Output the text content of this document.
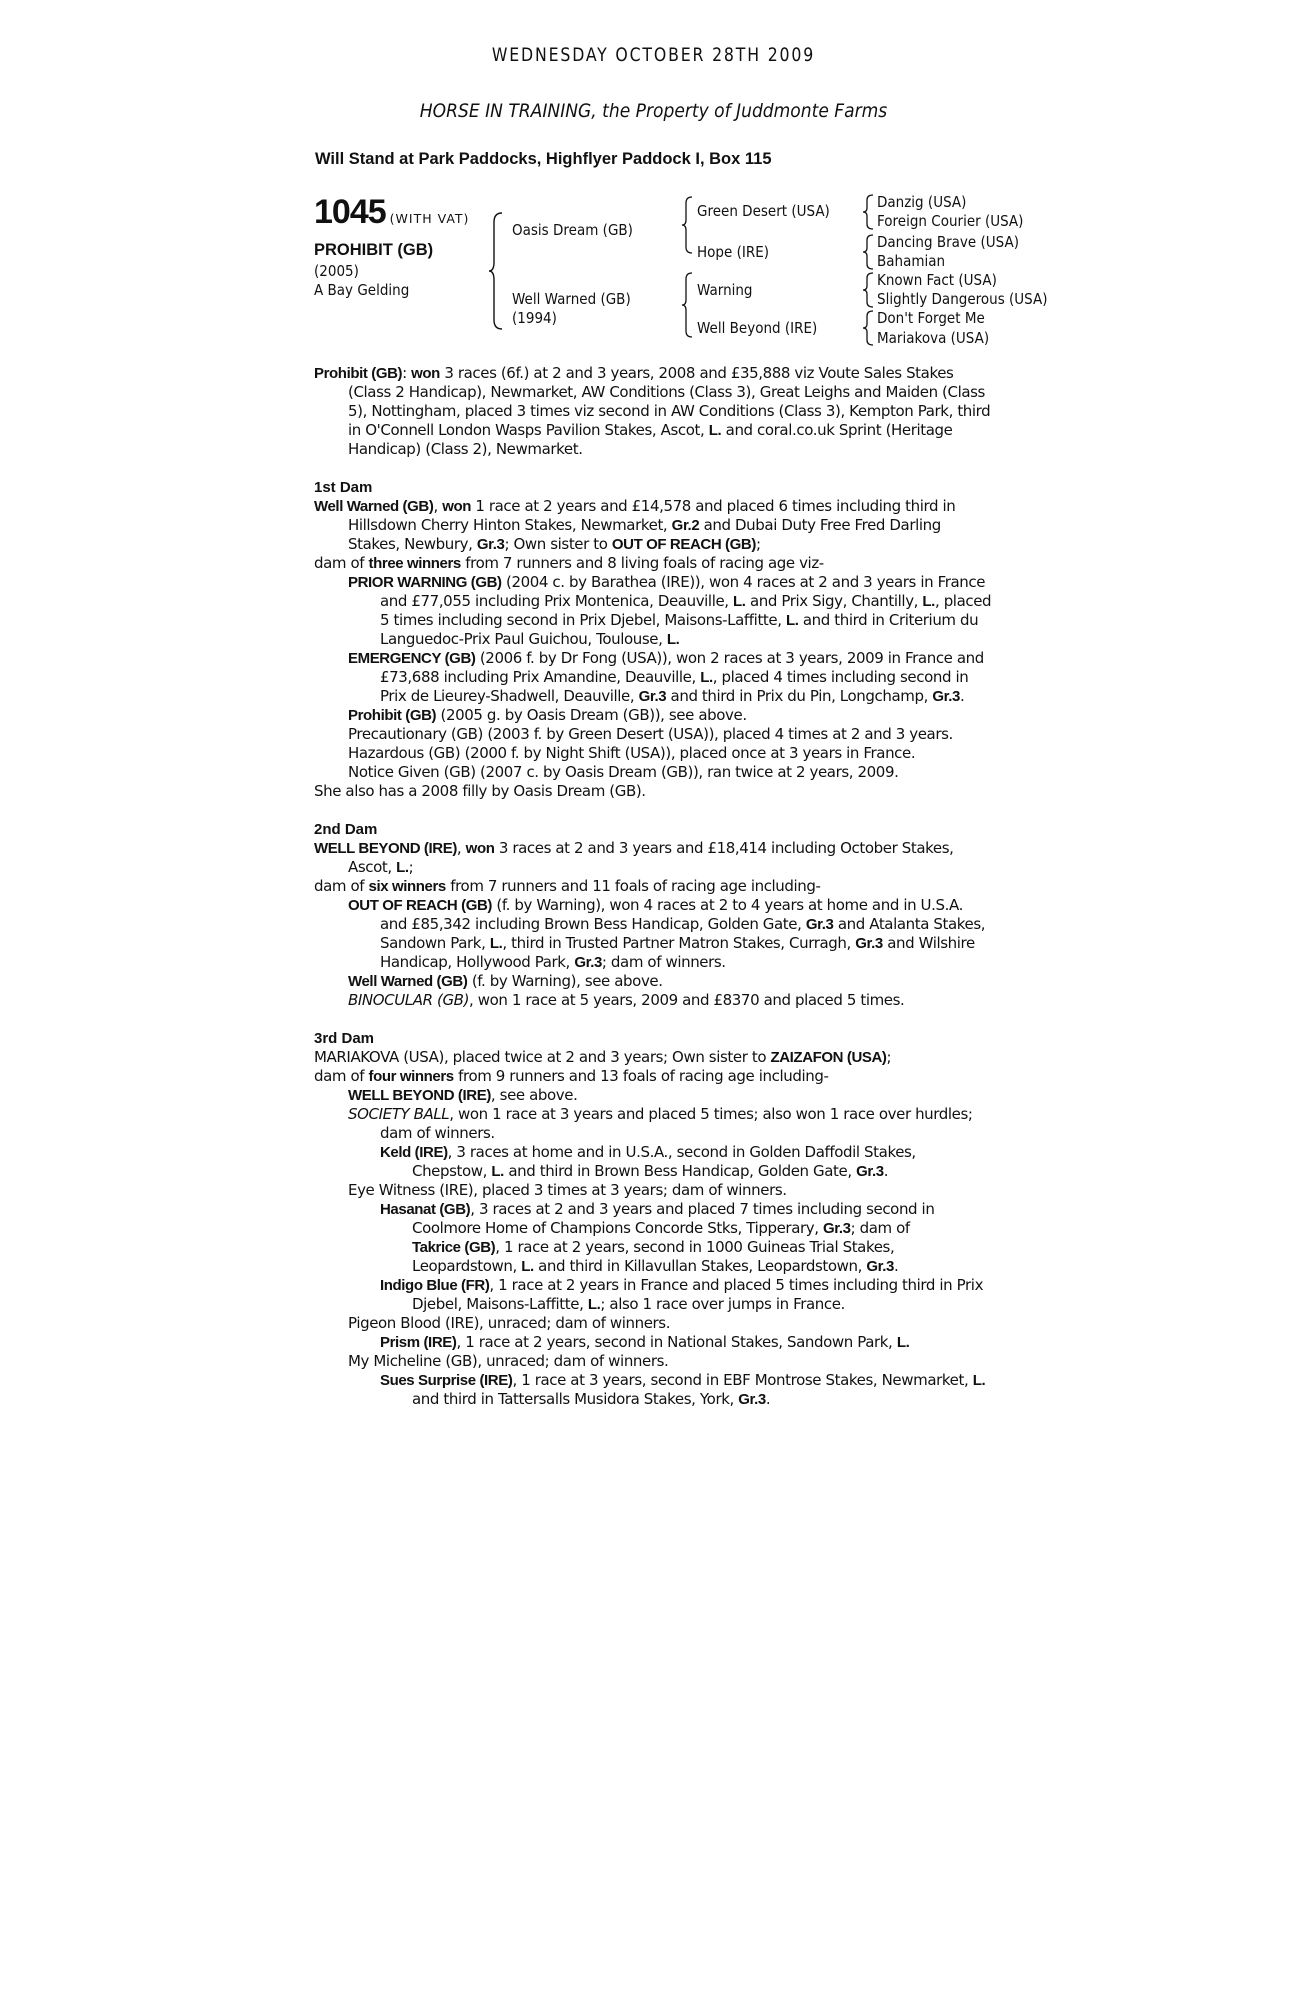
WEDNESDAY OCTOBER 28TH 2009
HORSE IN TRAINING, the Property of Juddmonte Farms
Will Stand at Park Paddocks, Highflyer Paddock I, Box 115
1045 (WITH VAT)
PROHIBIT (GB)
(2005)
A Bay Gelding
Oasis Dream (GB)
Well Warned (GB)
(1994)
Green Desert (USA)
Hope (IRE)
Warning
Well Beyond (IRE)
Danzig (USA)
Foreign Courier (USA)
Dancing Brave (USA)
Bahamian
Known Fact (USA)
Slightly Dangerous (USA)
Don't Forget Me
Mariakova (USA)

Prohibit (GB): won 3 races (6f.) at 2 and 3 years, 2008 and £35,888 viz Voute Sales Stakes (Class 2 Handicap), Newmarket, AW Conditions (Class 3), Great Leighs and Maiden (Class 5), Nottingham, placed 3 times viz second in AW Conditions (Class 3), Kempton Park, third in O'Connell London Wasps Pavilion Stakes, Ascot, L. and coral.co.uk Sprint (Heritage Handicap) (Class 2), Newmarket.

1st Dam

Well Warned (GB), won 1 race at 2 years and £14,578 and placed 6 times including third in Hillsdown Cherry Hinton Stakes, Newmarket, Gr.2 and Dubai Duty Free Fred Darling Stakes, Newbury, Gr.3; Own sister to OUT OF REACH (GB);

dam of three winners from 7 runners and 8 living foals of racing age viz-

PRIOR WARNING (GB) (2004 c. by Barathea (IRE)), won 4 races at 2 and 3 years in France and £77,055 including Prix Montenica, Deauville, L. and Prix Sigy, Chantilly, L., placed 5 times including second in Prix Djebel, Maisons-Laffitte, L. and third in Criterium du Languedoc-Prix Paul Guichou, Toulouse, L.

EMERGENCY (GB) (2006 f. by Dr Fong (USA)), won 2 races at 3 years, 2009 in France and £73,688 including Prix Amandine, Deauville, L., placed 4 times including second in Prix de Lieurey-Shadwell, Deauville, Gr.3 and third in Prix du Pin, Longchamp, Gr.3.

Prohibit (GB) (2005 g. by Oasis Dream (GB)), see above.

Precautionary (GB) (2003 f. by Green Desert (USA)), placed 4 times at 2 and 3 years.

Hazardous (GB) (2000 f. by Night Shift (USA)), placed once at 3 years in France.

Notice Given (GB) (2007 c. by Oasis Dream (GB)), ran twice at 2 years, 2009.

She also has a 2008 filly by Oasis Dream (GB).

2nd Dam

WELL BEYOND (IRE), won 3 races at 2 and 3 years and £18,414 including October Stakes, Ascot, L.;

dam of six winners from 7 runners and 11 foals of racing age including-

OUT OF REACH (GB) (f. by Warning), won 4 races at 2 to 4 years at home and in U.S.A. and £85,342 including Brown Bess Handicap, Golden Gate, Gr.3 and Atalanta Stakes, Sandown Park, L., third in Trusted Partner Matron Stakes, Curragh, Gr.3 and Wilshire Handicap, Hollywood Park, Gr.3; dam of winners.

Well Warned (GB) (f. by Warning), see above.

BINOCULAR (GB), won 1 race at 5 years, 2009 and £8370 and placed 5 times.

3rd Dam

MARIAKOVA (USA), placed twice at 2 and 3 years; Own sister to ZAIZAFON (USA);

dam of four winners from 9 runners and 13 foals of racing age including-

WELL BEYOND (IRE), see above.

SOCIETY BALL, won 1 race at 3 years and placed 5 times; also won 1 race over hurdles; dam of winners.

Keld (IRE), 3 races at home and in U.S.A., second in Golden Daffodil Stakes, Chepstow, L. and third in Brown Bess Handicap, Golden Gate, Gr.3.

Eye Witness (IRE), placed 3 times at 3 years; dam of winners.

Hasanat (GB), 3 races at 2 and 3 years and placed 7 times including second in Coolmore Home of Champions Concorde Stks, Tipperary, Gr.3; dam of
Takrice (GB), 1 race at 2 years, second in 1000 Guineas Trial Stakes, Leopardstown, L. and third in Killavullan Stakes, Leopardstown, Gr.3.

Indigo Blue (FR), 1 race at 2 years in France and placed 5 times including third in Prix Djebel, Maisons-Laffitte, L.; also 1 race over jumps in France.

Pigeon Blood (IRE), unraced; dam of winners.

Prism (IRE), 1 race at 2 years, second in National Stakes, Sandown Park, L.

My Micheline (GB), unraced; dam of winners.

Sues Surprise (IRE), 1 race at 3 years, second in EBF Montrose Stakes, Newmarket, L. and third in Tattersalls Musidora Stakes, York, Gr.3.
